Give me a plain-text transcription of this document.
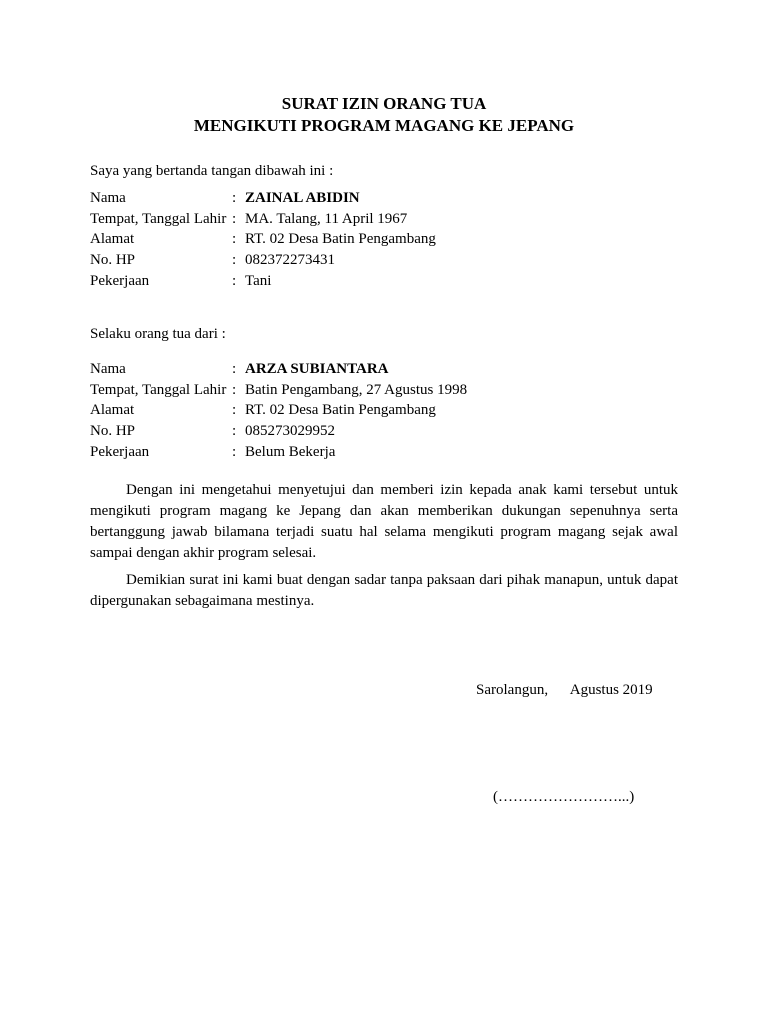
SURAT IZIN ORANG TUA
MENGIKUTI PROGRAM MAGANG KE JEPANG
Saya yang bertanda tangan dibawah ini :
Nama	: ZAINAL ABIDIN
Tempat, Tanggal Lahir : MA. Talang, 11 April 1967
Alamat	: RT. 02 Desa Batin Pengambang
No. HP	: 082372273431
Pekerjaan	: Tani
Selaku orang tua dari :
Nama	: ARZA SUBIANTARA
Tempat, Tanggal Lahir : Batin Pengambang, 27 Agustus 1998
Alamat	: RT. 02 Desa Batin Pengambang
No. HP	: 085273029952
Pekerjaan	: Belum Bekerja
Dengan ini mengetahui menyetujui dan memberi izin kepada anak kami tersebut untuk mengikuti program magang ke Jepang dan akan memberikan dukungan sepenuhnya serta bertanggung jawab bilamana terjadi suatu hal selama mengikuti program magang sejak awal sampai dengan akhir program selesai.
Demikian surat ini kami buat dengan sadar tanpa paksaan dari pihak manapun, untuk dapat dipergunakan sebagaimana mestinya.
Sarolangun,      Agustus 2019
(……………………...)
